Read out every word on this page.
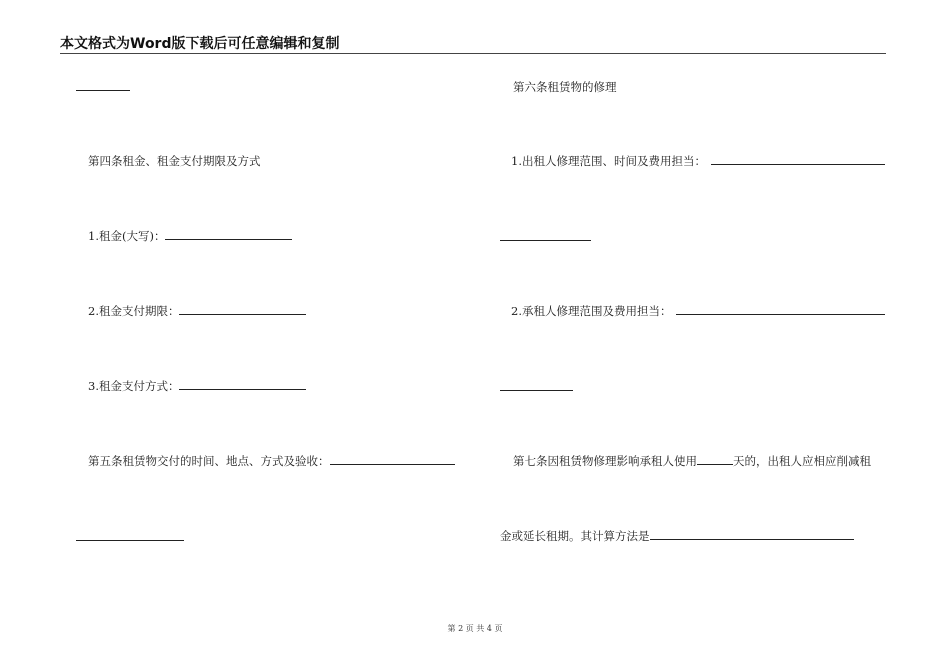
本文格式为Word版下载后可任意编辑和复制
第四条租金、租金支付期限及方式
1.租金(大写)：
2.租金支付期限：
3.租金支付方式：
第五条租赁物交付的时间、地点、方式及验收：
第六条租赁物的修理
1.出租人修理范围、时间及费用担当：
2.承租人修理范围及费用担当：
第七条因租赁物修理影响承租人使用	天的，出租人应相应削减租
金或延长租期。其计算方法是
第 2 页 共 4 页
